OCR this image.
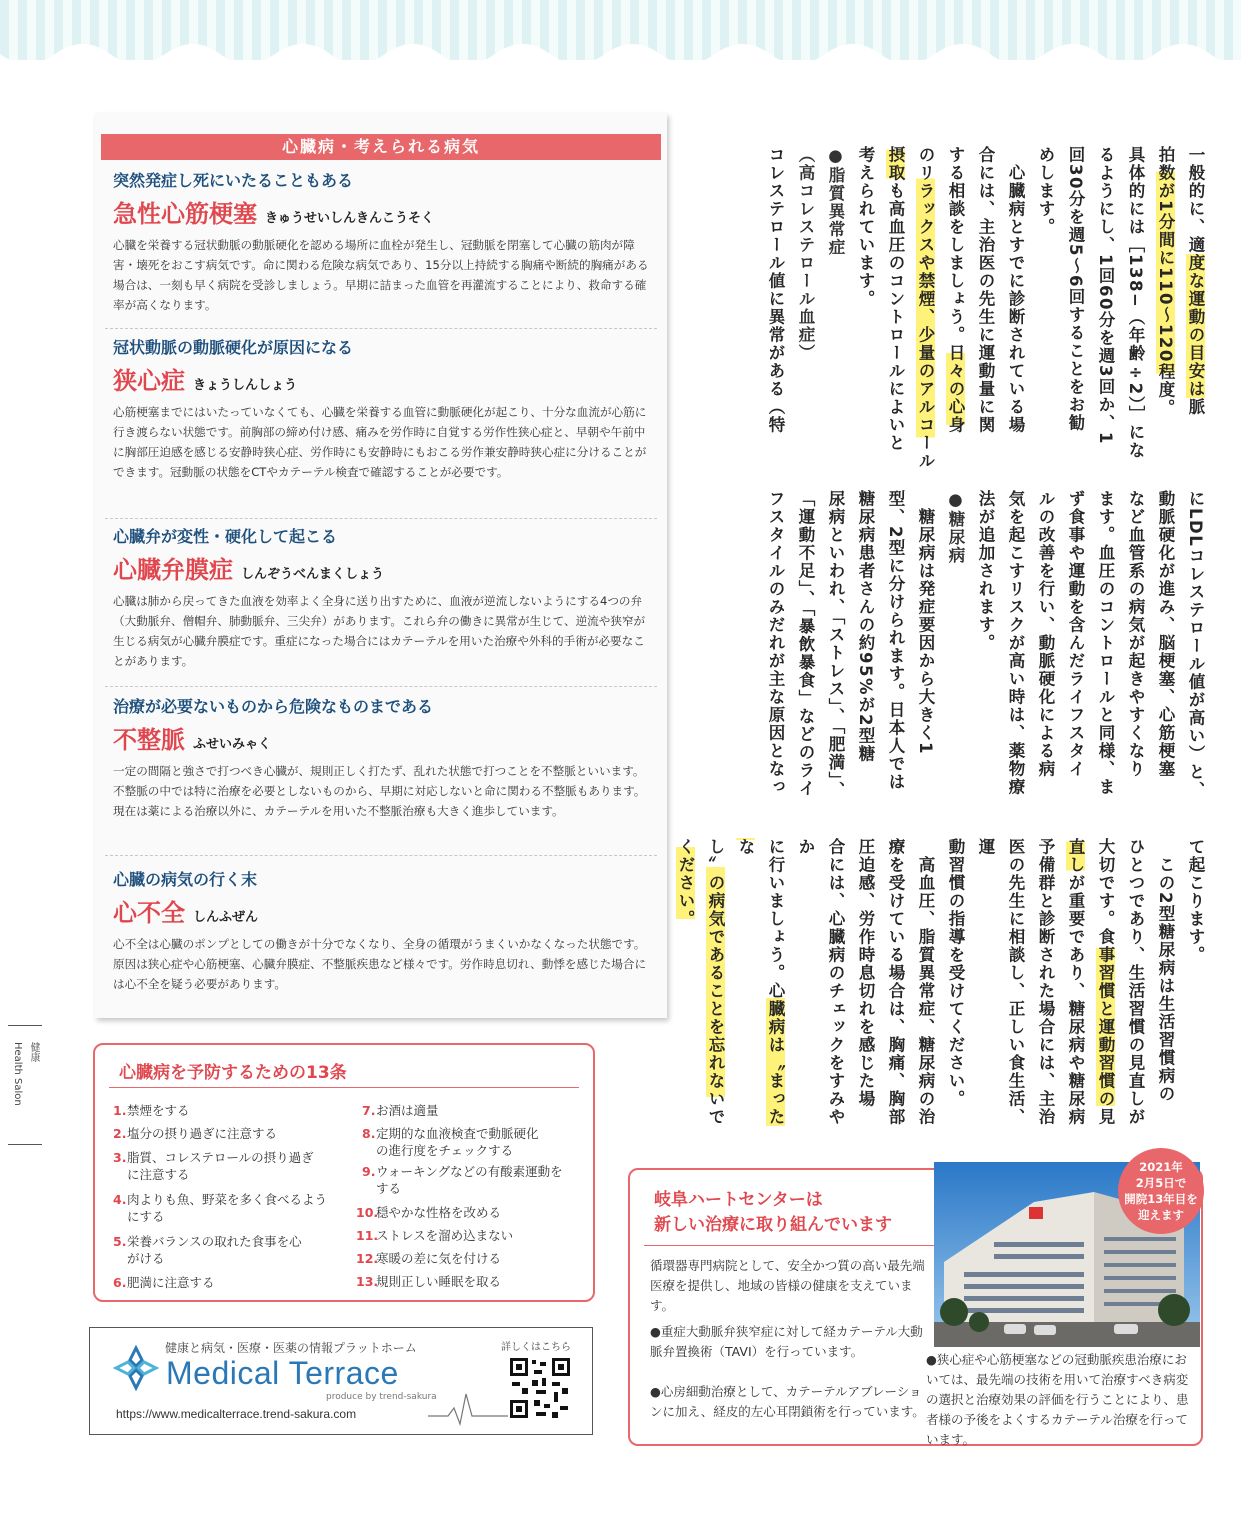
心臓病・考えられる病気
突然発症し死にいたることもある
急性心筋梗塞 きゅうせいしんきんこうそく
心臓を栄養する冠状動脈の動脈硬化を認める場所に血栓が発生し、冠動脈を閉塞して心臓の筋肉が障害・壊死をおこす病気です。命に関わる危険な病気であり、15分以上持続する胸痛や断続的胸痛がある場合は、一刻も早く病院を受診しましょう。早期に詰まった血管を再灌流することにより、救命する確率が高くなります。
冠状動脈の動脈硬化が原因になる
狭心症 きょうしんしょう
心筋梗塞までにはいたっていなくても、心臓を栄養する血管に動脈硬化が起こり、十分な血流が心筋に行き渡らない状態です。前胸部の締め付け感、痛みを労作時に自覚する労作性狭心症と、早朝や午前中に胸部圧迫感を感じる安静時狭心症、労作時にも安静時にもおこる労作兼安静時狭心症に分けることができます。冠動脈の状態をCTやカテーテル検査で確認することが必要です。
心臓弁が変性・硬化して起こる
心臓弁膜症 しんぞうべんまくしょう
心臓は肺から戻ってきた血液を効率よく全身に送り出すために、血液が逆流しないようにする4つの弁（大動脈弁、僧帽弁、肺動脈弁、三尖弁）があります。これら弁の働きに異常が生じて、逆流や狭窄が生じる病気が心臓弁膜症です。重症になった場合にはカテーテルを用いた治療や外科的手術が必要なことがあります。
治療が必要ないものから危険なものまである
不整脈 ふせいみゃく
一定の間隔と強さで打つべき心臓が、規則正しく打たず、乱れた状態で打つことを不整脈といいます。不整脈の中では特に治療を必要としないものから、早期に対応しないと命に関わる不整脈もあります。現在は薬による治療以外に、カテーテルを用いた不整脈治療も大きく進歩しています。
心臓の病気の行く末
心不全 しんふぜん
心不全は心臓のポンプとしての働きが十分でなくなり、全身の循環がうまくいかなくなった状態です。原因は狭心症や心筋梗塞、心臓弁膜症、不整脈疾患など様々です。労作時息切れ、動悸を感じた場合には心不全を疑う必要があります。

一般的に、適度な運動の目安は脈
拍数が1分間に110〜120程度。
具体的には［138−（年齢÷2）］にな
るようにし、1回60分を週3回か、1
回30分を週5〜6回することをお勧
めします。
　心臓病とすでに診断されている場
合には、主治医の先生に運動量に関
する相談をしましょう。日々の心身
のリラックスや禁煙、少量のアルコール
摂取も高血圧のコントロールによいと
考えられています。
●脂質異常症
（高コレステロール血症）
コレステロール値に異常がある（特

にLDLコレステロール値が高い）と、
動脈硬化が進み、脳梗塞、心筋梗塞
など血管系の病気が起きやすくなり
ます。血圧のコントロールと同様、ま
ず食事や運動を含んだライフスタイ
ルの改善を行い、動脈硬化による病
気を起こすリスクが高い時は、薬物療
法が追加されます。
●糖尿病
　糖尿病は発症要因から大きく1
型、2型に分けられます。日本人では
糖尿病患者さんの約95%が2型糖
尿病といわれ、「ストレス」、「肥満」、
「運動不足」、「暴飲暴食」などのライ
フスタイルのみだれが主な原因となっ

て起こります。
　この2型糖尿病は生活習慣病の
ひとつであり、生活習慣の見直しが
大切です。食事習慣と運動習慣の見
直しが重要であり、糖尿病や糖尿病
予備群と診断された場合には、主治
医の先生に相談し、正しい食生活、運
動習慣の指導を受けてください。
　高血圧、脂質異常症、糖尿病の治
療を受けている場合は、胸痛、胸部
圧迫感、労作時息切れを感じた場
合には、心臓病のチェックをすみやか
に行いましょう。心臓病は〝まったな
し〟の病気であることを忘れないで
ください。

健康
Health Salon	心臓病を予防するための13条
1. 禁煙をする
2. 塩分の摂り過ぎに注意する
3. 脂質、コレステロールの摂り過ぎ
に注意する
4. 肉よりも魚、野菜を多く食べるよう
にする
5. 栄養バランスの取れた食事を心
がける
6. 肥満に注意する
7. お酒は適量
8. 定期的な血液検査で動脈硬化
の進行度をチェックする
9. ウォーキングなどの有酸素運動を
する
10.
穏やかな性格を改める
11.
ストレスを溜め込まない
12.
寒暖の差に気を付ける
13.
規則正しい睡眠を取る
健康と病気・医療・医薬の情報プラットホーム
Medical Terrace
produce by trend-sakura
https://www.medicalterrace.trend-sakura.com
詳しくはこちら
岐阜ハートセンターは
新しい治療に取り組んでいます
循環器専門病院として、安全かつ質の高い最先端医療を提供し、地域の皆様の健康を支えています。
●重症大動脈弁狭窄症に対して経カテーテル大動脈弁置換術（TAVI）を行っています。
●心房細動治療として、カテーテルアブレーションに加え、経皮的左心耳閉鎖術を行っています。
●狭心症や心筋梗塞などの冠動脈疾患治療においては、最先端の技術を用いて治療すべき病変の選択と治療効果の評価を行うことにより、患者様の予後をよくするカテーテル治療を行っています。
2021年
2月5日で
開院13年目を
迎えます
